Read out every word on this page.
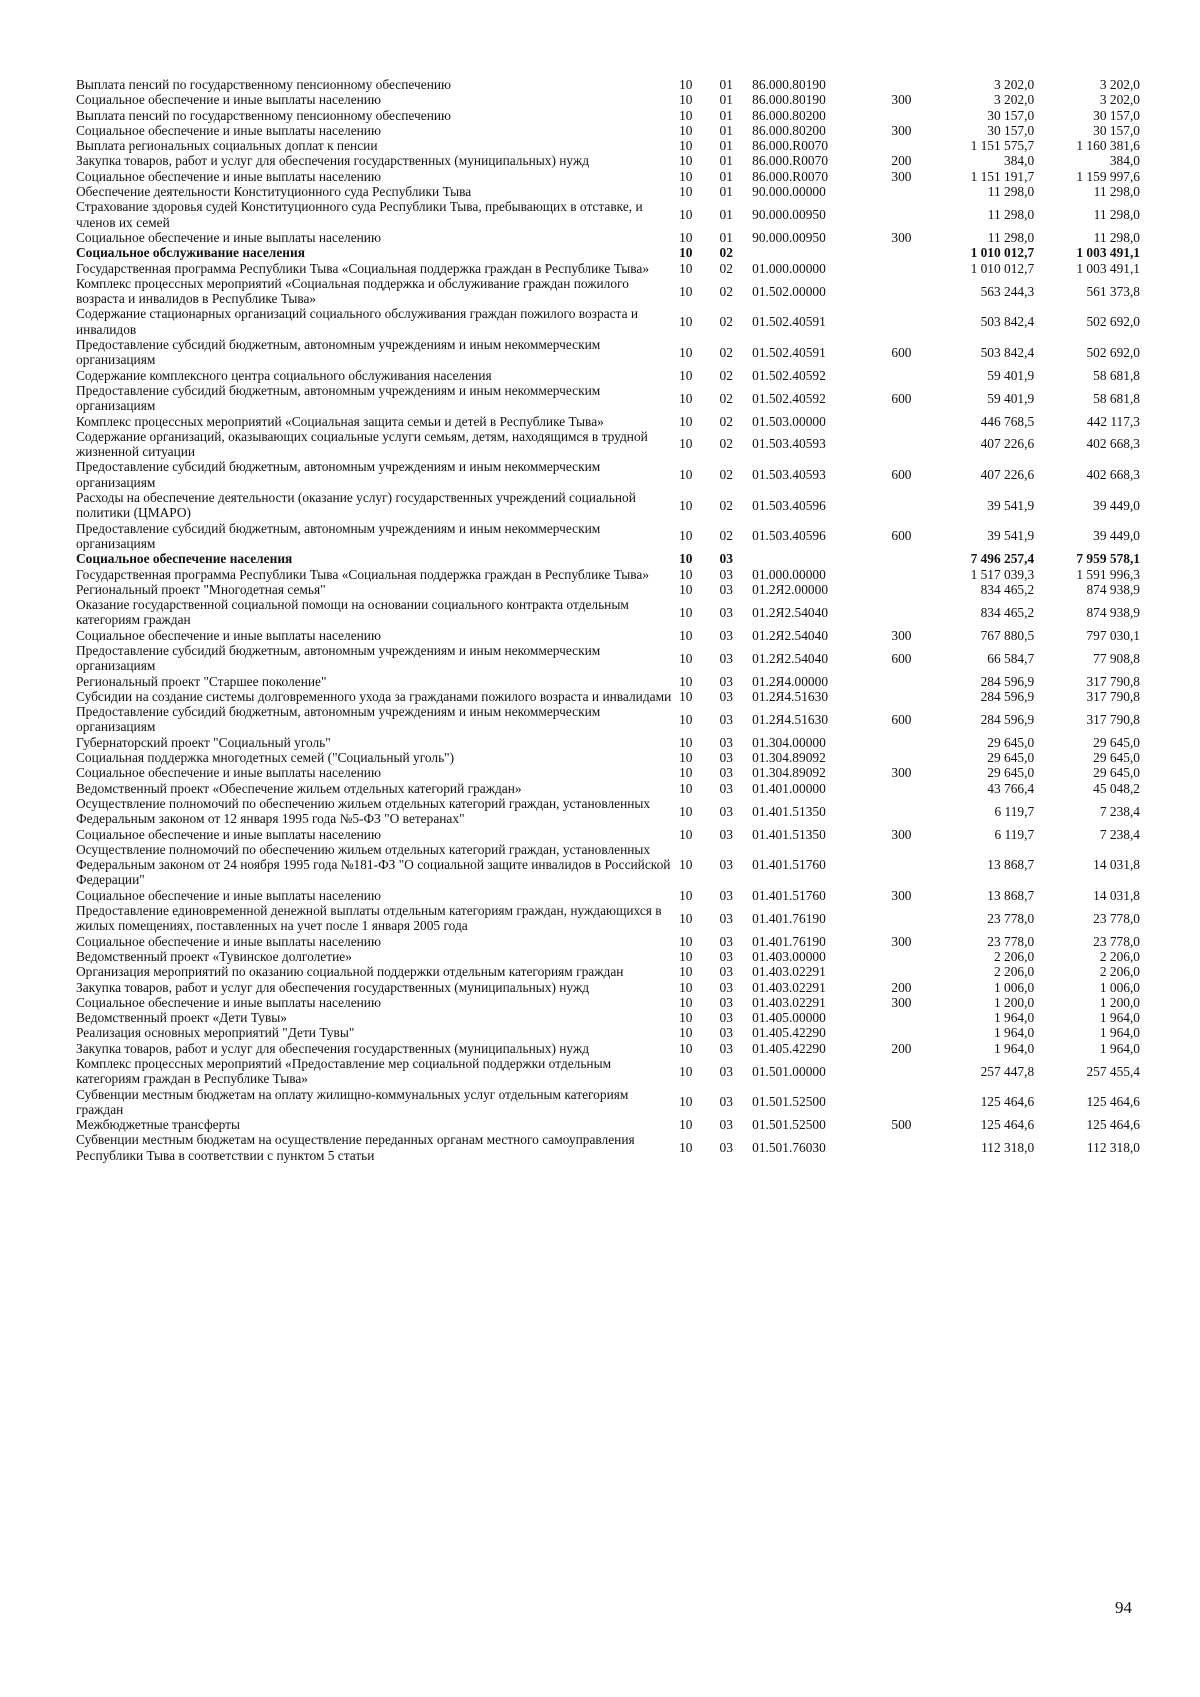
Выплата пенсий по государственному пенсионному обеспечению	10	01	86.000.80190		3 202,0	3 202,0
Социальное обеспечение и иные выплаты населению	10	01	86.000.80190	300	3 202,0	3 202,0
Выплата пенсий по государственному пенсионному обеспечению	10	01	86.000.80200		30 157,0	30 157,0
Социальное обеспечение и иные выплаты населению	10	01	86.000.80200	300	30 157,0	30 157,0
Выплата региональных социальных доплат к пенсии	10	01	86.000.R0070		1 151 575,7	1 160 381,6
Закупка товаров, работ и услуг для обеспечения государственных (муниципальных) нужд	10	01	86.000.R0070	200	384,0	384,0
Социальное обеспечение и иные выплаты населению	10	01	86.000.R0070	300	1 151 191,7	1 159 997,6
Обеспечение деятельности Конституционного суда Республики Тыва	10	01	90.000.00000		11 298,0	11 298,0
Страхование здоровья судей Конституционного суда Республики Тыва, пребывающих в отставке, и членов их семей	10	01	90.000.00950		11 298,0	11 298,0
Социальное обеспечение и иные выплаты населению	10	01	90.000.00950	300	11 298,0	11 298,0
Социальное обслуживание населения	10	02			1 010 012,7	1 003 491,1
Государственная программа Республики Тыва «Социальная поддержка граждан в Республике Тыва»	10	02	01.000.00000		1 010 012,7	1 003 491,1
Комплекс процессных мероприятий «Социальная поддержка и обслуживание граждан пожилого возраста и инвалидов в Республике Тыва»	10	02	01.502.00000		563 244,3	561 373,8
Содержание стационарных организаций социального обслуживания граждан пожилого возраста и инвалидов	10	02	01.502.40591		503 842,4	502 692,0
Предоставление субсидий бюджетным, автономным учреждениям и иным некоммерческим организациям	10	02	01.502.40591	600	503 842,4	502 692,0
Содержание комплексного центра социального обслуживания населения	10	02	01.502.40592		59 401,9	58 681,8
Предоставление субсидий бюджетным, автономным учреждениям и иным некоммерческим организациям	10	02	01.502.40592	600	59 401,9	58 681,8
Комплекс процессных мероприятий «Социальная защита семьи и детей в Республике Тыва»	10	02	01.503.00000		446 768,5	442 117,3
Содержание организаций, оказывающих социальные услуги семьям, детям, находящимся в трудной жизненной ситуации	10	02	01.503.40593		407 226,6	402 668,3
Предоставление субсидий бюджетным, автономным учреждениям и иным некоммерческим организациям	10	02	01.503.40593	600	407 226,6	402 668,3
Расходы на обеспечение деятельности (оказание услуг) государственных учреждений социальной политики (ЦМАРО)	10	02	01.503.40596		39 541,9	39 449,0
Предоставление субсидий бюджетным, автономным учреждениям и иным некоммерческим организациям	10	02	01.503.40596	600	39 541,9	39 449,0
Социальное обеспечение населения	10	03			7 496 257,4	7 959 578,1
Государственная программа Республики Тыва «Социальная поддержка граждан в Республике Тыва»	10	03	01.000.00000		1 517 039,3	1 591 996,3
Региональный проект "Многодетная семья"	10	03	01.2Я2.00000		834 465,2	874 938,9
Оказание государственной социальной помощи на основании социального контракта отдельным категориям граждан	10	03	01.2Я2.54040		834 465,2	874 938,9
Социальное обеспечение и иные выплаты населению	10	03	01.2Я2.54040	300	767 880,5	797 030,1
Предоставление субсидий бюджетным, автономным учреждениям и иным некоммерческим организациям	10	03	01.2Я2.54040	600	66 584,7	77 908,8
Региональный проект "Старшее поколение"	10	03	01.2Я4.00000		284 596,9	317 790,8
Субсидии на создание системы долговременного ухода за гражданами пожилого возраста и инвалидами	10	03	01.2Я4.51630		284 596,9	317 790,8
Предоставление субсидий бюджетным, автономным учреждениям и иным некоммерческим организациям	10	03	01.2Я4.51630	600	284 596,9	317 790,8
Губернаторский проект "Социальный уголь"	10	03	01.304.00000		29 645,0	29 645,0
Социальная поддержка многодетных семей ("Социальный уголь")	10	03	01.304.89092		29 645,0	29 645,0
Социальное обеспечение и иные выплаты населению	10	03	01.304.89092	300	29 645,0	29 645,0
Ведомственный проект «Обеспечение жильем отдельных категорий граждан»	10	03	01.401.00000		43 766,4	45 048,2
Осуществление полномочий по обеспечению жильем отдельных категорий граждан, установленных Федеральным законом от 12 января 1995 года №5-ФЗ "О ветеранах"	10	03	01.401.51350		6 119,7	7 238,4
Социальное обеспечение и иные выплаты населению	10	03	01.401.51350	300	6 119,7	7 238,4
Осуществление полномочий по обеспечению жильем отдельных категорий граждан, установленных Федеральным законом от 24 ноября 1995 года №181-ФЗ "О социальной защите инвалидов в Российской Федерации"	10	03	01.401.51760		13 868,7	14 031,8
Социальное обеспечение и иные выплаты населению	10	03	01.401.51760	300	13 868,7	14 031,8
Предоставление единовременной денежной выплаты отдельным категориям граждан, нуждающихся в жилых помещениях, поставленных на учет после 1 января 2005 года	10	03	01.401.76190		23 778,0	23 778,0
Социальное обеспечение и иные выплаты населению	10	03	01.401.76190	300	23 778,0	23 778,0
Ведомственный проект «Тувинское долголетие»	10	03	01.403.00000		2 206,0	2 206,0
Организация мероприятий по оказанию социальной поддержки отдельным категориям граждан	10	03	01.403.02291		2 206,0	2 206,0
Закупка товаров, работ и услуг для обеспечения государственных (муниципальных) нужд	10	03	01.403.02291	200	1 006,0	1 006,0
Социальное обеспечение и иные выплаты населению	10	03	01.403.02291	300	1 200,0	1 200,0
Ведомственный проект «Дети Тувы»	10	03	01.405.00000		1 964,0	1 964,0
Реализация основных мероприятий "Дети Тувы"	10	03	01.405.42290		1 964,0	1 964,0
Закупка товаров, работ и услуг для обеспечения государственных (муниципальных) нужд	10	03	01.405.42290	200	1 964,0	1 964,0
Комплекс процессных мероприятий «Предоставление мер социальной поддержки отдельным категориям граждан в Республике Тыва»	10	03	01.501.00000		257 447,8	257 455,4
Субвенции местным бюджетам на оплату жилищно-коммунальных услуг отдельным категориям граждан	10	03	01.501.52500		125 464,6	125 464,6
Межбюджетные трансферты	10	03	01.501.52500	500	125 464,6	125 464,6
Субвенции местным бюджетам на осуществление переданных органам местного самоуправления Республики Тыва в соответствии с пунктом 5 статьи	10	03	01.501.76030		112 318,0	112 318,0
94
